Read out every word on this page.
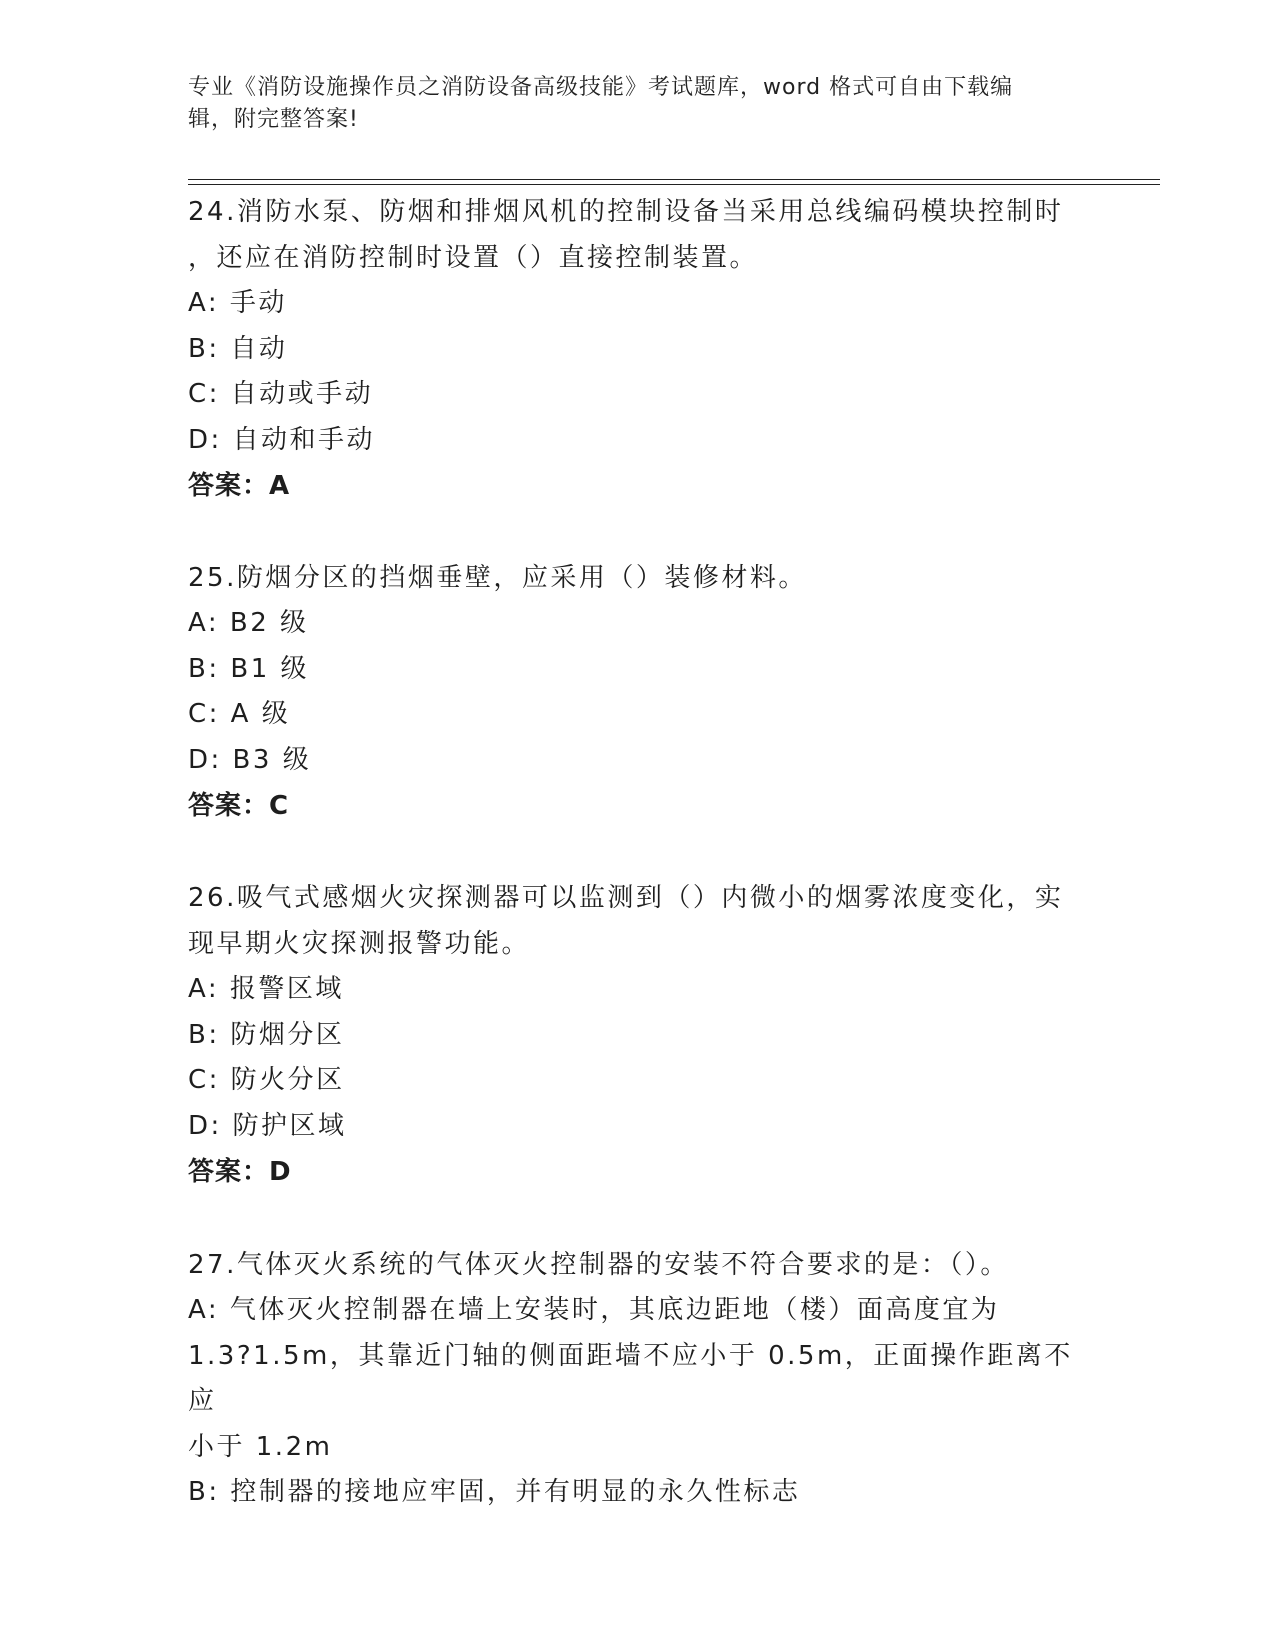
专业《消防设施操作员之消防设备高级技能》考试题库，word 格式可自由下载编
辑，附完整答案!
24.消防水泵、防烟和排烟风机的控制设备当采用总线编码模块控制时
，还应在消防控制时设置（）直接控制装置。
A: 手动
B: 自动
C: 自动或手动
D: 自动和手动
答案：A
25.防烟分区的挡烟垂壁，应采用（）装修材料。
A: B2 级
B: B1 级
C: A 级
D: B3 级
答案：C
26.吸气式感烟火灾探测器可以监测到（）内微小的烟雾浓度变化，实
现早期火灾探测报警功能。
A: 报警区域
B: 防烟分区
C: 防火分区
D: 防护区域
答案：D
27.气体灭火系统的气体灭火控制器的安装不符合要求的是：（）。
A: 气体灭火控制器在墙上安装时，其底边距地（楼）面高度宜为
1.3?1.5m，其靠近门轴的侧面距墙不应小于 0.5m，正面操作距离不应
小于 1.2m
B: 控制器的接地应牢固，并有明显的永久性标志
